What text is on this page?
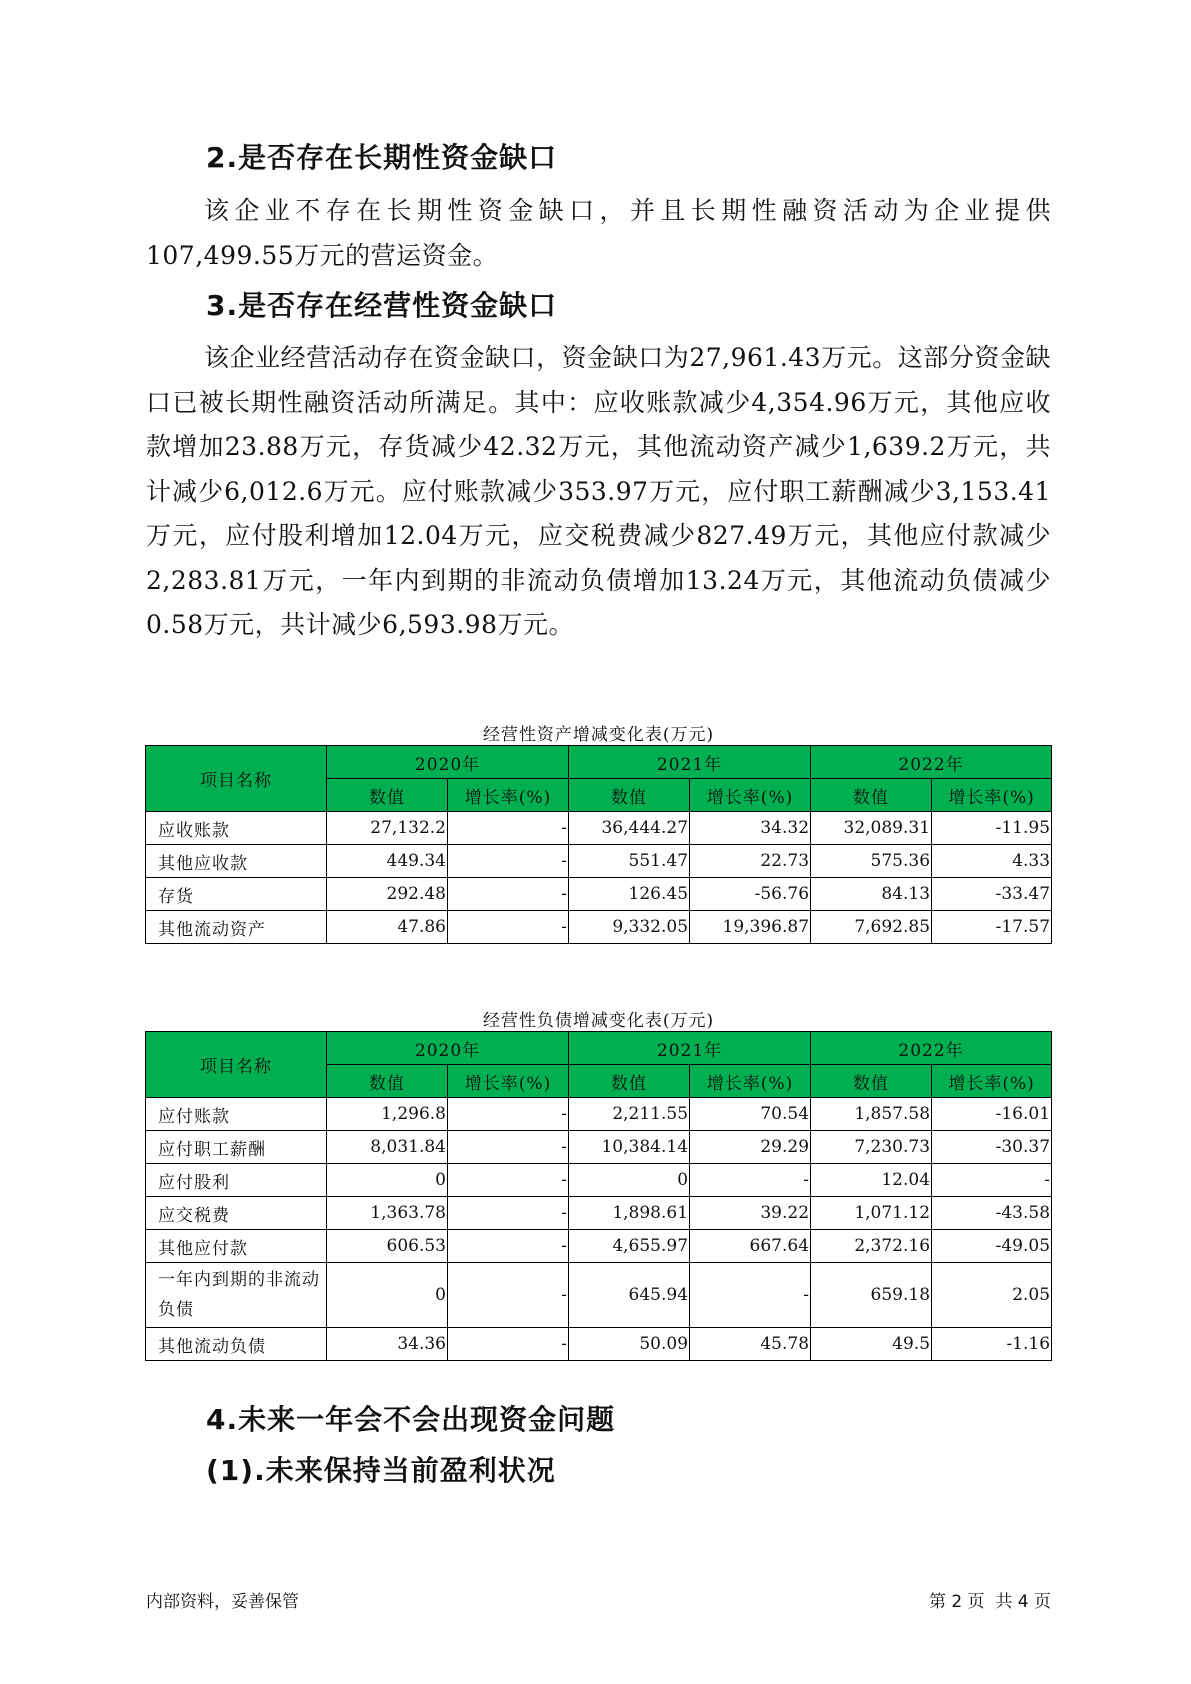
2.是否存在长期性资金缺口

该企业不存在长期性资金缺口，并且长期性融资活动为企业提供107,499.55万元的营运资金。

3.是否存在经营性资金缺口

该企业经营活动存在资金缺口，资金缺口为27,961.43万元。这部分资金缺口已被长期性融资活动所满足。其中：应收账款减少4,354.96万元，其他应收款增加23.88万元，存货减少42.32万元，其他流动资产减少1,639.2万元，共计减少6,012.6万元。应付账款减少353.97万元，应付职工薪酬减少3,153.41万元，应付股利增加12.04万元，应交税费减少827.49万元，其他应付款减少2,283.81万元，一年内到期的非流动负债增加13.24万元，其他流动负债减少0.58万元，共计减少6,593.98万元。

经营性资产增减变化表(万元)
项目名称	2020年		2021年		2022年	
	数值	增长率(%)	数值	增长率(%)	数值	增长率(%)
应收账款	27,132.2	-	36,444.27	34.32	32,089.31	-11.95
其他应收款	449.34	-	551.47	22.73	575.36	4.33
存货	292.48	-	126.45	-56.76	84.13	-33.47
其他流动资产	47.86	-	9,332.05	19,396.87	7,692.85	-17.57
经营性负债增减变化表(万元)
项目名称	2020年		2021年		2022年	
	数值	增长率(%)	数值	增长率(%)	数值	增长率(%)
应付账款	1,296.8	-	2,211.55	70.54	1,857.58	-16.01
应付职工薪酬	8,031.84	-	10,384.14	29.29	7,230.73	-30.37
应付股利	0	-	0	-	12.04	-
应交税费	1,363.78	-	1,898.61	39.22	1,071.12	-43.58
其他应付款	606.53	-	4,655.97	667.64	2,372.16	-49.05
一年内到期的非流动负债	0	-	645.94	-	659.18	2.05
其他流动负债	34.36	-	50.09	45.78	49.5	-1.16
4.未来一年会不会出现资金问题
(1).未来保持当前盈利状况
内部资料，妥善保管	第 2 页  共 4 页
